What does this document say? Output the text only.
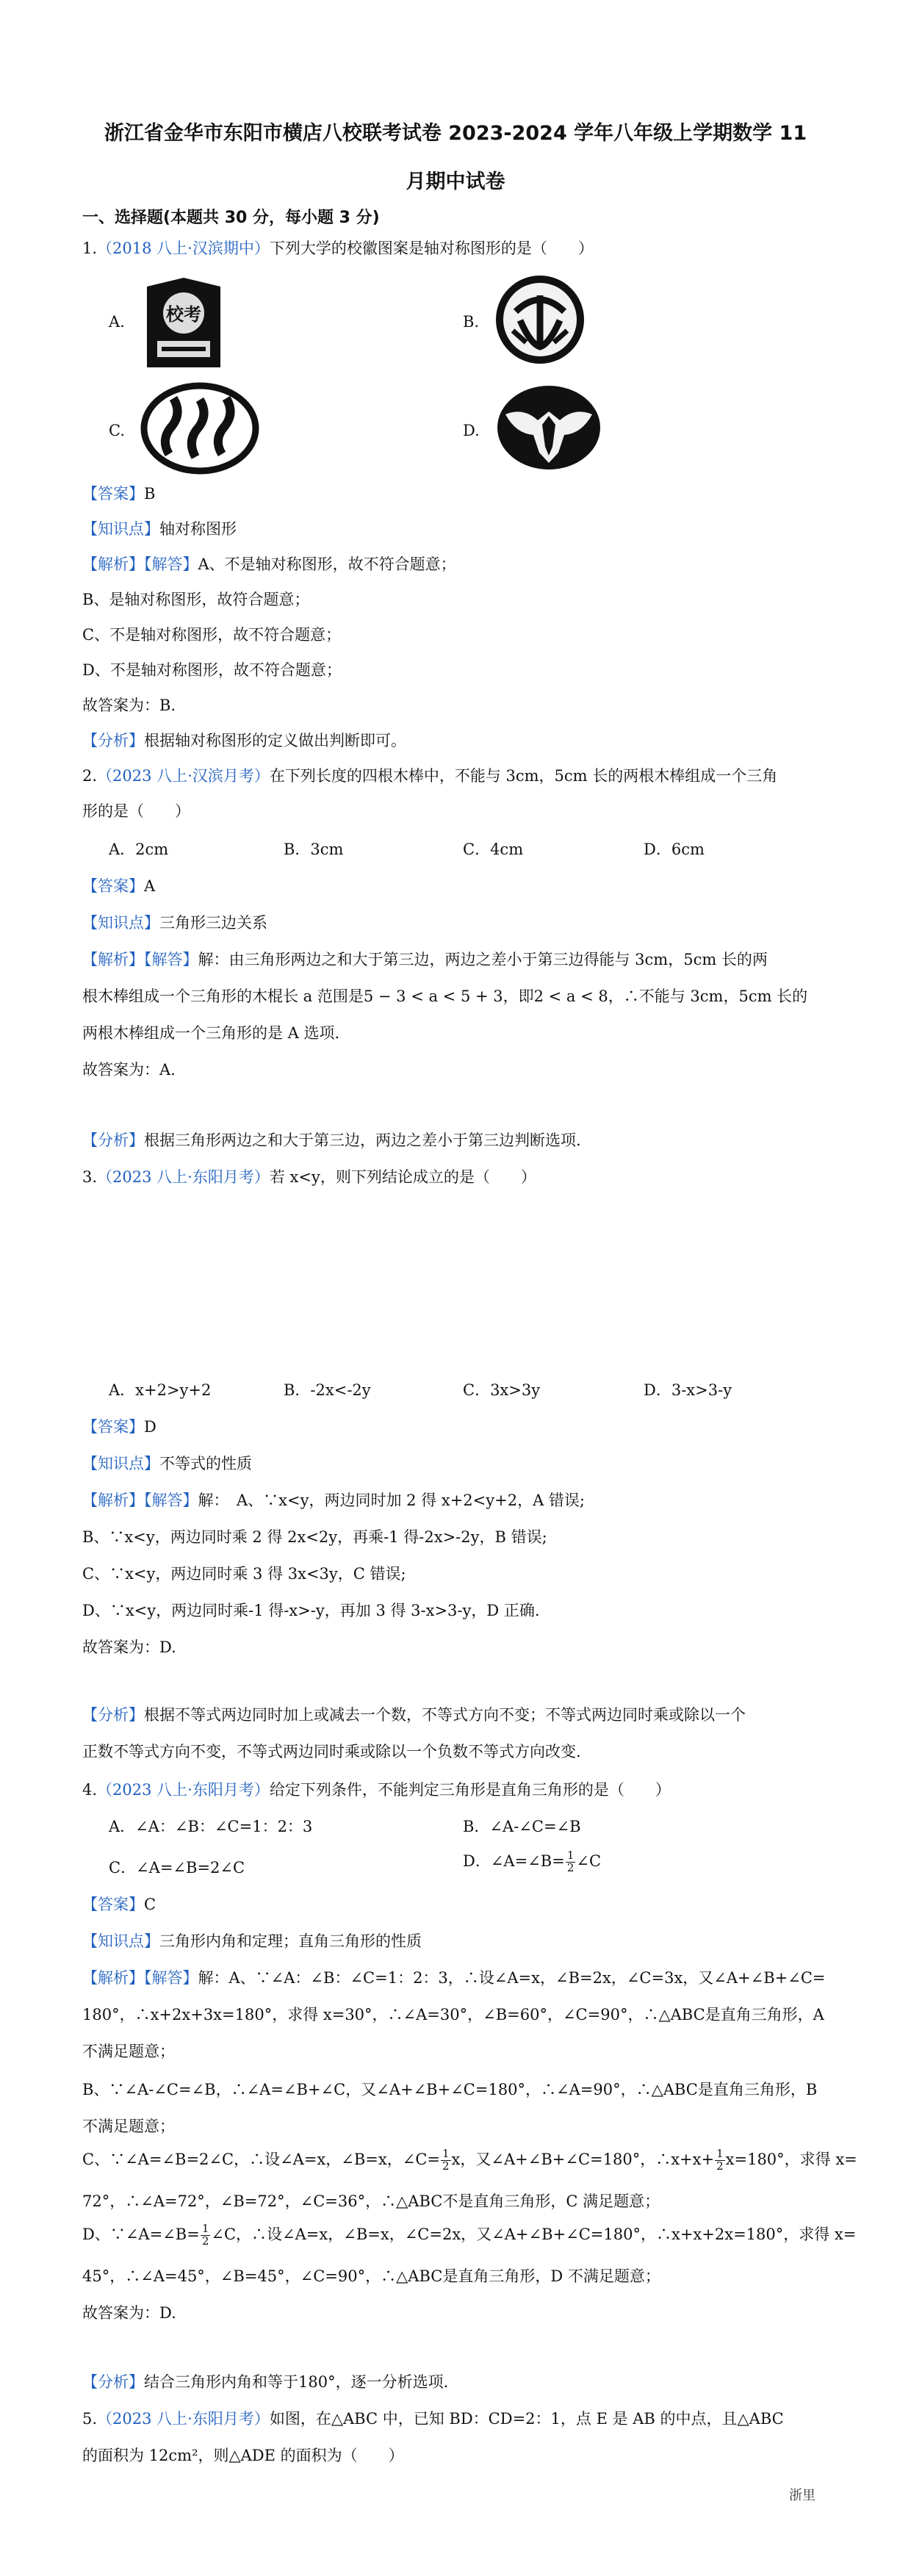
浙江省金华市东阳市横店八校联考试卷 2023-2024 学年八年级上学期数学 11
月期中试卷
一、选择题(本题共 30 分，每小题 3 分)
1.（2018 八上·汉滨期中）下列大学的校徽图案是轴对称图形的是（　　）
A. 校考	B.
C.	D.
【答案】B
【知识点】轴对称图形
【解析】【解答】A、不是轴对称图形，故不符合题意；
B、是轴对称图形，故符合题意；
C、不是轴对称图形，故不符合题意；
D、不是轴对称图形，故不符合题意；
故答案为：B.
【分析】根据轴对称图形的定义做出判断即可。
2.（2023 八上·汉滨月考）在下列长度的四根木棒中，不能与 3cm，5cm 长的两根木棒组成一个三角
形的是（　　）
A．2cm	B．3cm	C．4cm	D．6cm
【答案】A
【知识点】三角形三边关系
【解析】【解答】解：由三角形两边之和大于第三边，两边之差小于第三边得能与 3cm，5cm 长的两
根木棒组成一个三角形的木棍长 a 范围是5 − 3 < a < 5 + 3，即2 < a < 8，∴不能与 3cm，5cm 长的
两根木棒组成一个三角形的是 A 选项.
故答案为：A.
【分析】根据三角形两边之和大于第三边，两边之差小于第三边判断选项.
3.（2023 八上·东阳月考）若 x<y，则下列结论成立的是（　　）
A．x+2>y+2	B．-2x<-2y	C．3x>3y	D．3-x>3-y
【答案】D
【知识点】不等式的性质
【解析】【解答】解：　A、∵x<y，两边同时加 2 得 x+2<y+2，A 错误;
B、∵x<y，两边同时乘 2 得 2x<2y，再乘-1 得-2x>-2y，B 错误;
C、∵x<y，两边同时乘 3 得 3x<3y，C 错误;
D、∵x<y，两边同时乘-1 得-x>-y，再加 3 得 3-x>3-y，D 正确.
故答案为：D.
【分析】根据不等式两边同时加上或减去一个数，不等式方向不变；不等式两边同时乘或除以一个
正数不等式方向不变，不等式两边同时乘或除以一个负数不等式方向改变.
4.（2023 八上·东阳月考）给定下列条件，不能判定三角形是直角三角形的是（　　）
A．∠A：∠B：∠C=1：2：3	B．∠A-∠C=∠B
C．∠A=∠B=2∠C	D．∠A=∠B= $\frac{1}{2}$ ∠C
【答案】C
【知识点】三角形内角和定理；直角三角形的性质
【解析】【解答】解：A、∵∠A：∠B：∠C=1：2：3，∴设∠A=x，∠B=2x，∠C=3x，又∠A+∠B+∠C=
180°，∴x+2x+3x=180°，求得 x=30°，∴∠A=30°，∠B=60°，∠C=90°，∴△ABC是直角三角形，A
不满足题意；
B、∵∠A-∠C=∠B，∴∠A=∠B+∠C，又∠A+∠B+∠C=180°，∴∠A=90°，∴△ABC是直角三角形，B
不满足题意；
C、∵∠A=∠B=2∠C，∴设∠A=x，∠B=x，∠C= $\frac{1}{2}$ x，又∠A+∠B+∠C=180°，∴x+x+ $\frac{1}{2} x=180^\circ$，求得 x=
72°，∴∠A=72°，∠B=72°，∠C=36°，∴△ABC不是直角三角形，C 满足题意；
D、∵∠A=∠B= $\frac{1}{2}$ ∠C，∴设∠A=x，∠B=x，∠C=2x，又∠A+∠B+∠C=180°，∴x+x+2x=180°，求得 x=
45°，∴∠A=45°，∠B=45°，∠C=90°，∴△ABC是直角三角形，D 不满足题意；
故答案为：D.
【分析】结合三角形内角和等于180°，逐一分析选项.
5.（2023 八上·东阳月考）如图，在△ABC 中，已知 BD：CD=2：1，点 E 是 AB 的中点，且△ABC
的面积为 12cm²，则△ADE 的面积为（　　）
浙里
